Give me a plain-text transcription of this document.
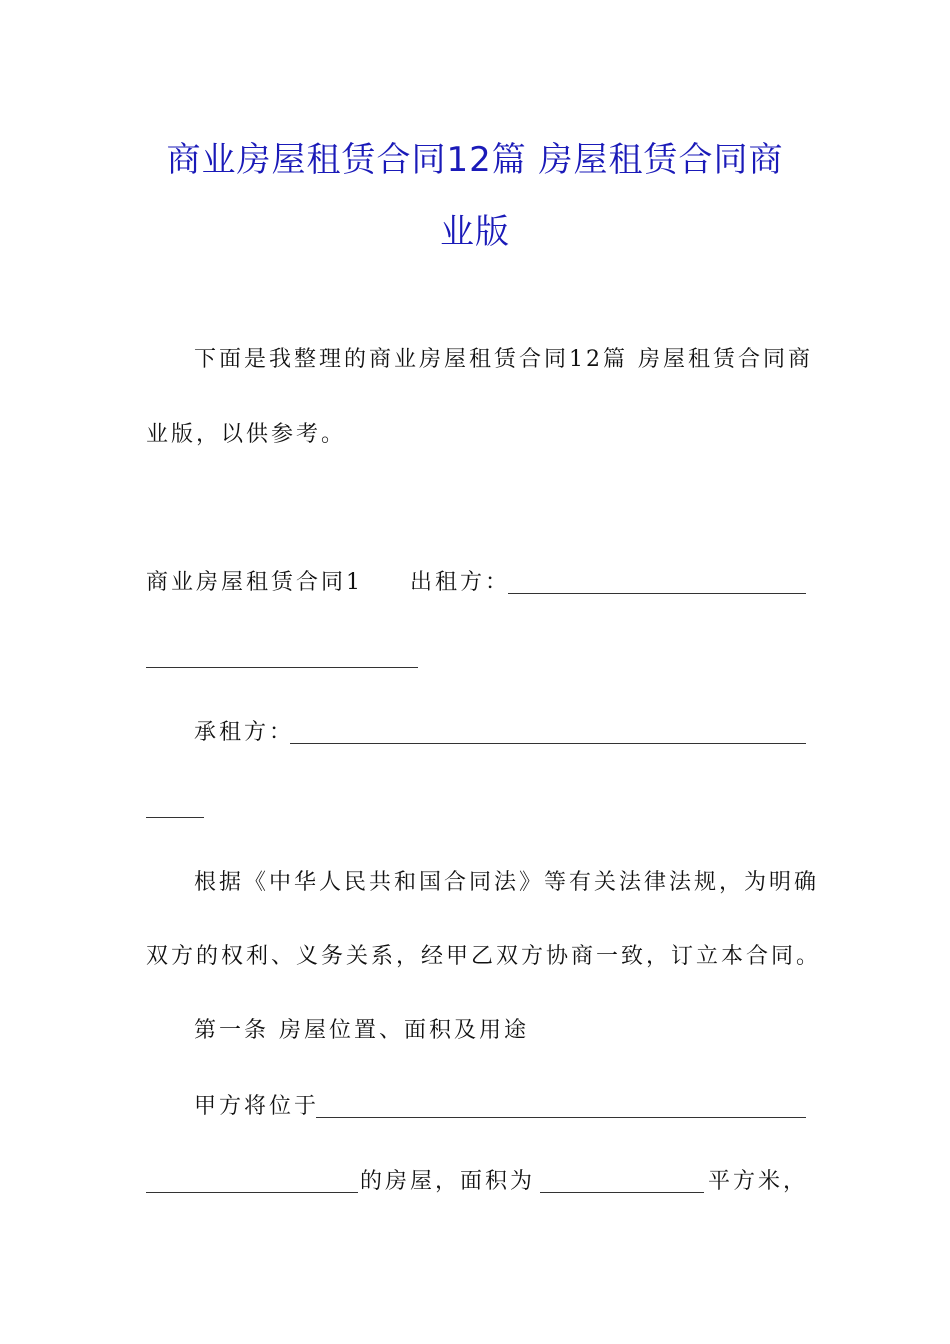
商业房屋租赁合同12篇 房屋租赁合同商
业版
下面是我整理的商业房屋租赁合同12篇 房屋租赁合同商
业版，以供参考。
商业房屋租赁合同1 出租方：
承租方：
根据《中华人民共和国合同法》等有关法律法规，为明确
双方的权利、义务关系，经甲乙双方协商一致，订立本合同。
第一条 房屋位置、面积及用途
甲方将位于
的房屋，面积为	平方米，
